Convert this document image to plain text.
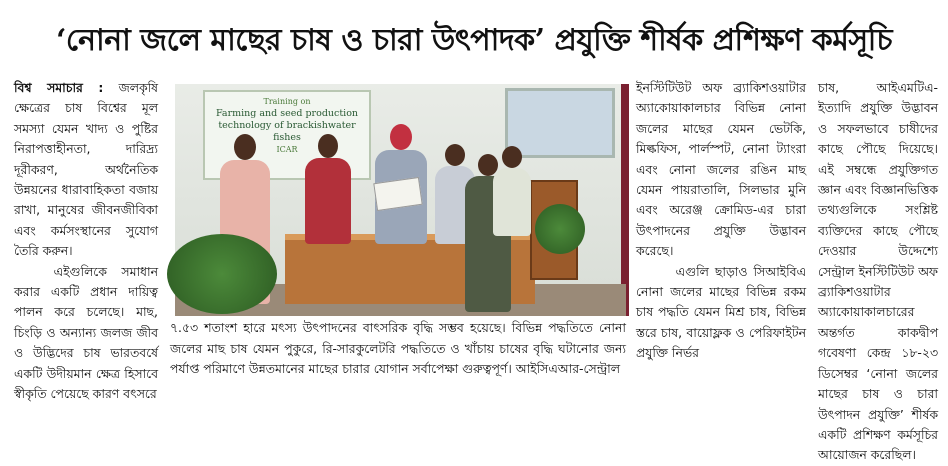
‘নোনা জলে মাছের চাষ ও চারা উৎপাদক’ প্রযুক্তি শীর্ষক প্রশিক্ষণ কর্মসূচি

বিশ্ব সমাচার : জলকৃষি ক্ষেত্রের চাষ বিশ্বের মূল সমস্যা যেমন খাদ্য ও পুষ্টির নিরাপত্তাহীনতা, দারিদ্র্য দূরীকরণ, অর্থনৈতিক উন্নয়নের ধারাবাহিকতা বজায় রাখা, মানুষের জীবনজীবিকা এবং কর্মসংস্থানের সুযোগ তৈরি করুন।

এইগুলিকে সমাধান করার একটি প্রধান দায়িত্ব পালন করে চলেছে। মাছ, চিংড়ি ও অন্যান্য জলজ জীব ও উদ্ভিদের চাষ ভারতবর্ষে একটি উদীয়মান ক্ষেত্র হিসাবে স্বীকৃতি পেয়েছে কারণ বৎসরে

Training on
Farming and seed production technology of brackishwater fishes
ICAR

৭.৫৩ শতাংশ হারে মৎস্য উৎপাদনের বাৎসরিক বৃদ্ধি সম্ভব হয়েছে। বিভিন্ন পদ্ধতিতে নোনা জলের মাছ চাষ যেমন পুকুরে, রি-সারকুলেটরি পদ্ধতিতে ও খাঁচায় চাষের বৃদ্ধি ঘটানোর জন্য পর্যাপ্ত পরিমাণে উন্নতমানের মাছের চারার যোগান সর্বাপেক্ষা গুরুত্বপূর্ণ। আইসিএআর-সেন্ট্রাল

ইনস্টিটিউট অফ ব্র্যাকিশওয়াটার অ্যাকোয়াকালচার বিভিন্ন নোনা জলের মাছের যেমন ভেটকি, মিল্কফিস, পার্লস্পট, নোনা ট্যাংরা এবং নোনা জলের রঙিন মাছ যেমন পায়রাতালি, সিলভার মুনি এবং অরেঞ্জ ক্রোমিড-এর চারা উৎপাদনের প্রযুক্তি উদ্ভাবন করেছে।

এগুলি ছাড়াও সিআইবিএ নোনা জলের মাছের বিভিন্ন রকম চাষ পদ্ধতি যেমন মিশ্র চাষ, বিভিন্ন স্তরে চাষ, বায়োফ্লক ও পেরিফাইটন প্রযুক্তি নির্ভর

চাষ, আইএমটিএ- ইত্যাদি প্রযুক্তি উদ্ভাবন ও সফলভাবে চাষীদের কাছে পৌছে দিয়েছে। এই সম্বন্ধে প্রযুক্তিগত জ্ঞান এবং বিজ্ঞানভিত্তিক তথ্যগুলিকে সংশ্লিষ্ট ব্যক্তিদের কাছে পৌছে দেওয়ার উদ্দেশ্যে সেন্ট্রাল ইনস্টিটিউট অফ ব্র্যাকিশওয়াটার অ্যাকোয়াকালচারের অন্তর্গত কাকদ্বীপ গবেষণা কেন্দ্র ১৮-২৩ ডিসেম্বর ‘নোনা জলের মাছের চাষ ও চারা উৎপাদন প্রযুক্তি’ শীর্ষক একটি প্রশিক্ষণ কর্মসূচির আয়োজন করেছিল।
